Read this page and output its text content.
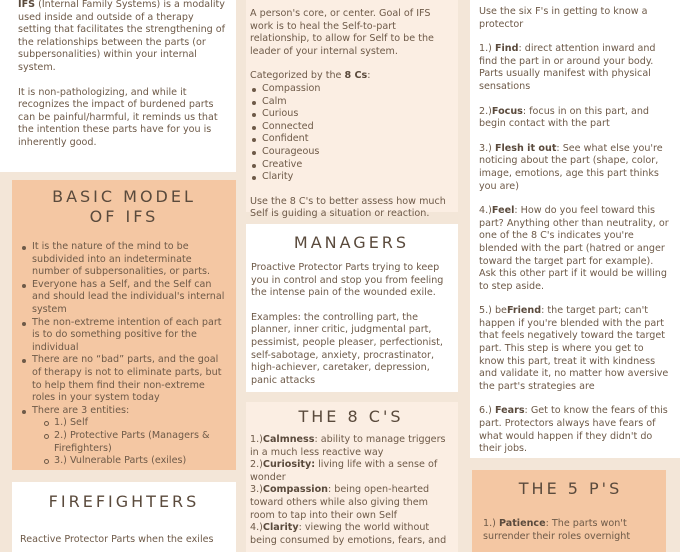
IFS (Internal Family Systems) is a modality used inside and outside of a therapy setting that facilitates the strengthening of the relationships between the parts (or subpersonalities) within your internal system.

It is non-pathologizing, and while it recognizes the impact of burdened parts can be painful/harmful, it reminds us that the intention these parts have for you is inherently good.

BASIC MODEL OF IFS
It is the nature of the mind to be subdivided into an indeterminate number of subpersonalities, or parts.
Everyone has a Self, and the Self can and should lead the individual's internal system
The non-extreme intention of each part is to do something positive for the individual
There are no “bad” parts, and the goal of therapy is not to eliminate parts, but to help them find their non-extreme roles in your system today
There are 3 entities:
1.) Self
2.) Protective Parts (Managers & Firefighters)
3.) Vulnerable Parts (exiles)
FIREFIGHTERS

Reactive Protector Parts when the exiles

A person's core, or center. Goal of IFS work is to heal the Self-to-part relationship, to allow for Self to be the leader of your internal system.

Categorized by the 8 Cs:
Compassion
Calm
Curious
Connected
Confident
Courageous
Creative
Clarity

Use the 8 C's to better assess how much Self is guiding a situation or reaction.

MANAGERS

Proactive Protector Parts trying to keep you in control and stop you from feeling the intense pain of the wounded exile.

Examples: the controlling part, the planner, inner critic, judgmental part, pessimist, people pleaser, perfectionist, self-sabotage, anxiety, procrastinator, high-achiever, caretaker, depression, panic attacks

THE 8 C'S
1.)Calmness: ability to manage triggers in a much less reactive way
2.)Curiosity: living life with a sense of wonder
3.)Compassion: being open-hearted toward others while also giving them room to tap into their own Self
4.)Clarity: viewing the world without being consumed by emotions, fears, and

Use the six F's in getting to know a protector

1.) Find: direct attention inward and find the part in or around your body. Parts usually manifest with physical sensations

2.)Focus: focus in on this part, and begin contact with the part

3.) Flesh it out: See what else you're noticing about the part (shape, color, image, emotions, age this part thinks you are)

4.)Feel: How do you feel toward this part? Anything other than neutrality, or one of the 8 C's indicates you're blended with the part (hatred or anger toward the target part for example). Ask this other part if it would be willing to step aside.

5.) beFriend: the target part; can't happen if you're blended with the part that feels negatively toward the target part. This step is where you get to know this part, treat it with kindness and validate it, no matter how aversive the part's strategies are

6.) Fears: Get to know the fears of this part. Protectors always have fears of what would happen if they didn't do their jobs.

THE 5 P'S
1.) Patience: The parts won't surrender their roles overnight
